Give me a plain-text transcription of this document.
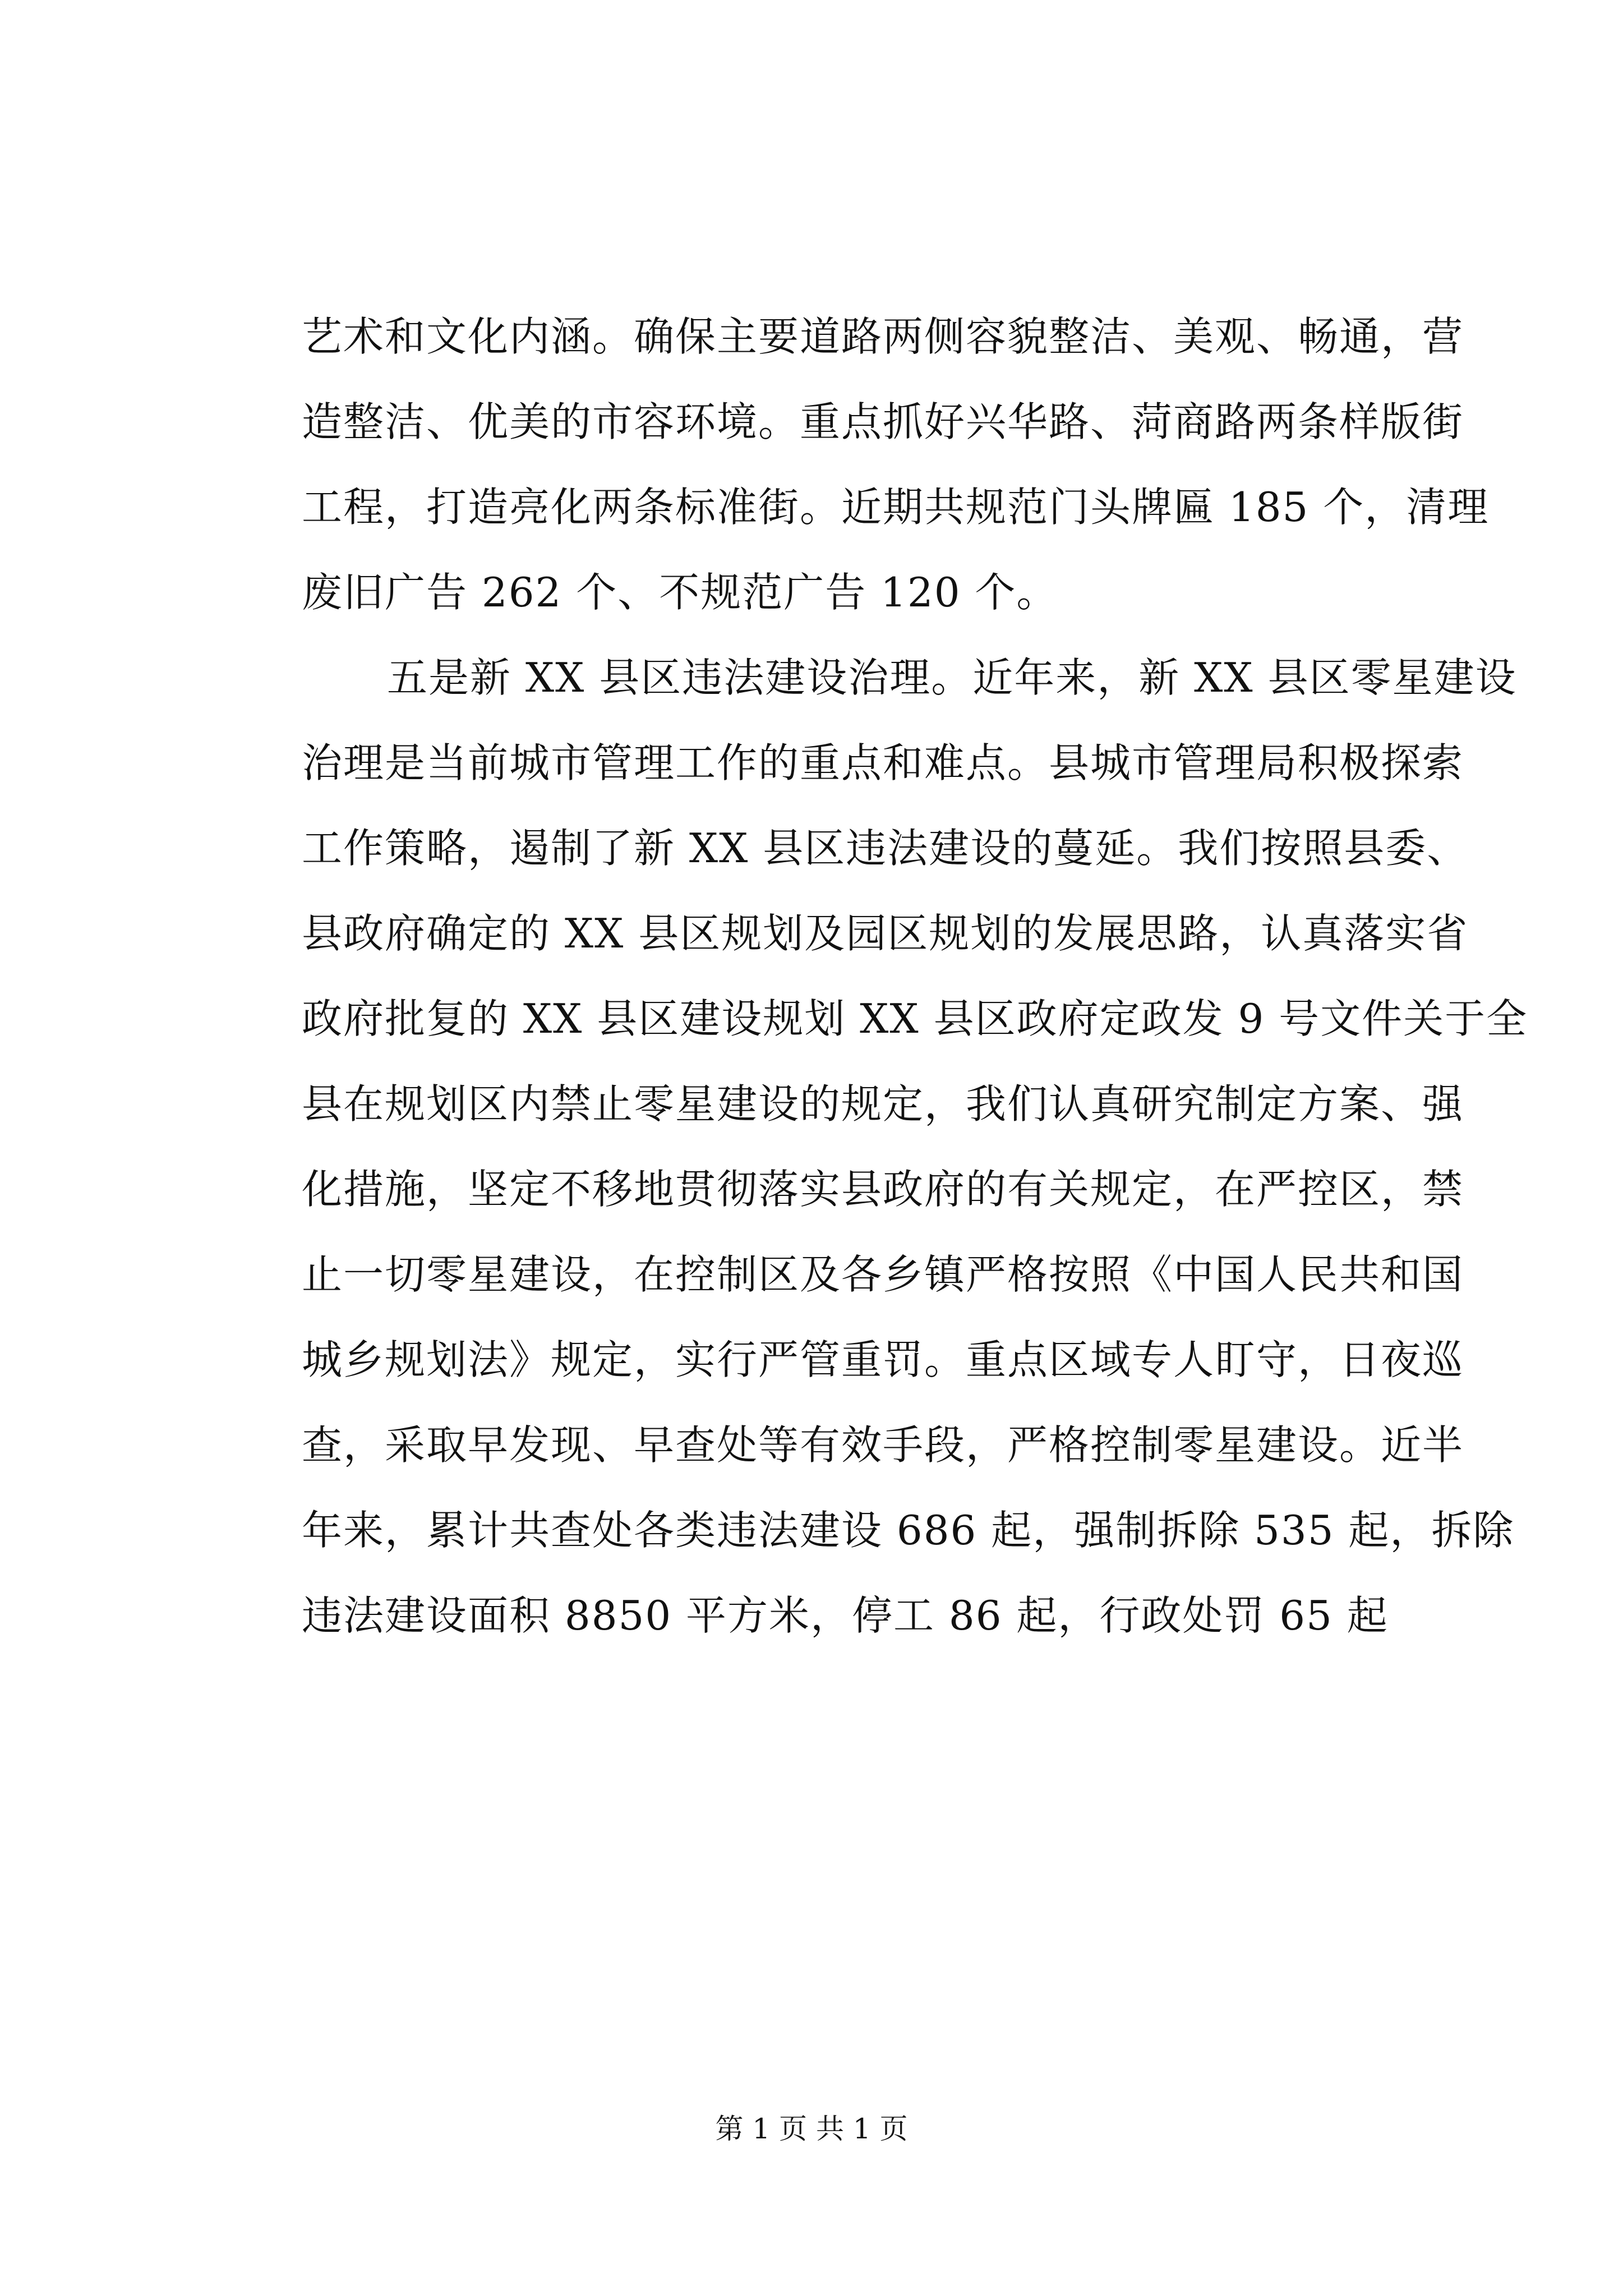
艺术和文化内涵。确保主要道路两侧容貌整洁、美观、畅通，营
造整洁、优美的市容环境。重点抓好兴华路、菏商路两条样版街
工程，打造亮化两条标准街。近期共规范门头牌匾 185 个，清理
废旧广告 262 个、不规范广告 120 个。
五是新 XX 县区违法建设治理。近年来，新 XX 县区零星建设
治理是当前城市管理工作的重点和难点。县城市管理局积极探索
工作策略，遏制了新 XX 县区违法建设的蔓延。我们按照县委、
县政府确定的 XX 县区规划及园区规划的发展思路，认真落实省
政府批复的 XX 县区建设规划 XX 县区政府定政发 9 号文件关于全
县在规划区内禁止零星建设的规定，我们认真研究制定方案、强
化措施，坚定不移地贯彻落实县政府的有关规定，在严控区，禁
止一切零星建设，在控制区及各乡镇严格按照《中国人民共和国
城乡规划法》规定，实行严管重罚。重点区域专人盯守，日夜巡
查，采取早发现、早查处等有效手段，严格控制零星建设。近半
年来，累计共查处各类违法建设 686 起，强制拆除 535 起，拆除
违法建设面积 8850 平方米，停工 86 起，行政处罚 65 起
第 1 页 共 1 页
